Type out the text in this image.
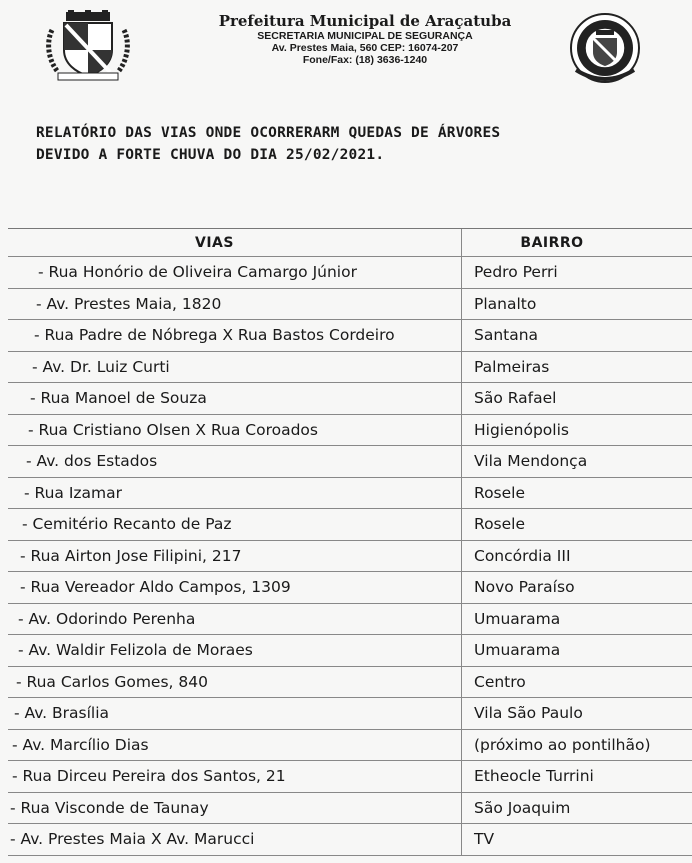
Prefeitura Municipal de Araçatuba
SECRETARIA MUNICIPAL DE SEGURANÇA
Av. Prestes Maia, 560 CEP: 16074-207
Fone/Fax: (18) 3636-1240
RELATÓRIO DAS VIAS ONDE OCORRERARM QUEDAS DE ÁRVORES
DEVIDO A FORTE CHUVA DO DIA 25/02/2021.
VIAS	BAIRRO
- Rua Honório de Oliveira Camargo Júnior	Pedro Perri
- Av. Prestes Maia, 1820	Planalto
- Rua Padre de Nóbrega X Rua Bastos Cordeiro	Santana
- Av. Dr. Luiz Curti	Palmeiras
- Rua Manoel de Souza	São Rafael
- Rua Cristiano Olsen X Rua Coroados	Higienópolis
- Av. dos Estados	Vila Mendonça
- Rua Izamar	Rosele
- Cemitério Recanto de Paz	Rosele
- Rua Airton Jose Filipini, 217	Concórdia III
- Rua Vereador Aldo Campos, 1309	Novo Paraíso
- Av. Odorindo Perenha	Umuarama
- Av. Waldir Felizola de Moraes	Umuarama
- Rua Carlos Gomes, 840	Centro
- Av. Brasília	Vila São Paulo
- Av. Marcílio Dias	(próximo ao pontilhão)
- Rua Dirceu Pereira dos Santos, 21	Etheocle Turrini
- Rua Visconde de Taunay	São Joaquim
- Av. Prestes Maia X Av. Marucci	TV
